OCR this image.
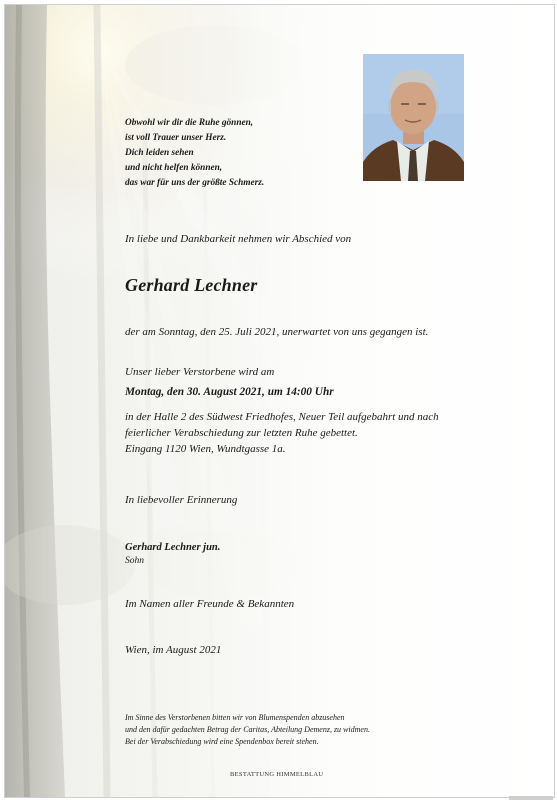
Obwohl wir dir die Ruhe gönnen,
ist voll Trauer unser Herz.
Dich leiden sehen
und nicht helfen können,
das war für uns der größte Schmerz.
In liebe und Dankbarkeit nehmen wir Abschied von
Gerhard Lechner
der am Sonntag, den 25. Juli 2021, unerwartet von uns gegangen ist.
Unser lieber Verstorbene wird am
Montag, den 30. August 2021, um 14:00 Uhr
in der Halle 2 des Südwest Friedhofes, Neuer Teil aufgebahrt und nach
feierlicher Verabschiedung zur letzten Ruhe gebettet.
Eingang 1120 Wien, Wundtgasse 1a.
In liebevoller Erinnerung
Gerhard Lechner jun.
Sohn
Im Namen aller Freunde & Bekannten
Wien, im August 2021
Im Sinne des Verstorbenen bitten wir von Blumenspenden abzusehen
und den dafür gedachten Betrag der Caritas, Abteilung Demenz, zu widmen.
Bei der Verabschiedung wird eine Spendenbox bereit stehen.
BESTATTUNG HIMMELBLAU
